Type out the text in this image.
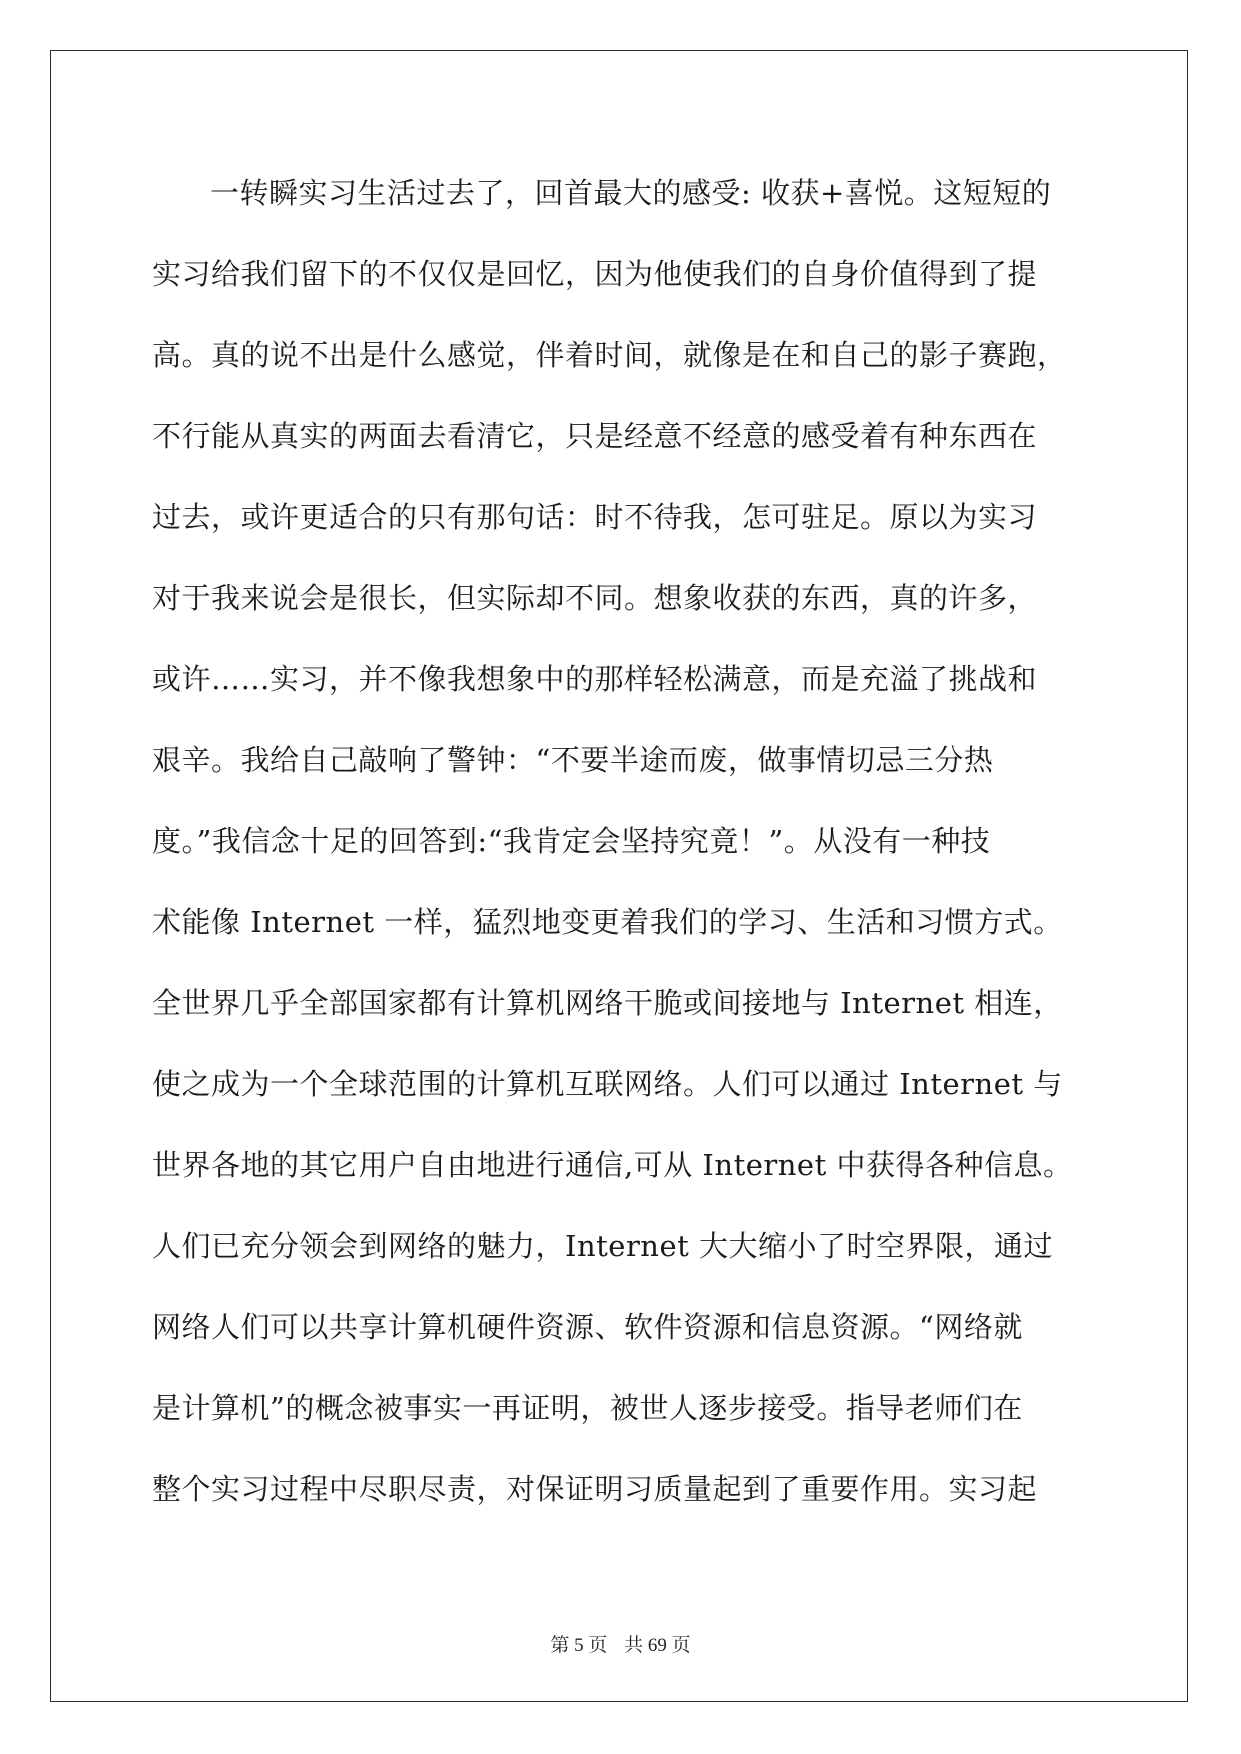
一转瞬实习生活过去了，回首最大的感受: 收获+喜悦。这短短的
实习给我们留下的不仅仅是回忆，因为他使我们的自身价值得到了提
高。真的说不出是什么感觉，伴着时间，就像是在和自己的影子赛跑，
不行能从真实的两面去看清它，只是经意不经意的感受着有种东西在
过去，或许更适合的只有那句话：时不待我，怎可驻足。原以为实习
对于我来说会是很长，但实际却不同。想象收获的东西，真的许多，
或许……实习，并不像我想象中的那样轻松满意，而是充溢了挑战和
艰辛。我给自己敲响了警钟：“不要半途而废，做事情切忌三分热
度。”我信念十足的回答到:“我肯定会坚持究竟！”。从没有一种技
术能像 Internet 一样，猛烈地变更着我们的学习、生活和习惯方式。
全世界几乎全部国家都有计算机网络干脆或间接地与 Internet 相连，
使之成为一个全球范围的计算机互联网络。人们可以通过 Internet 与
世界各地的其它用户自由地进行通信,可从 Internet 中获得各种信息。
人们已充分领会到网络的魅力，Internet 大大缩小了时空界限，通过
网络人们可以共享计算机硬件资源、软件资源和信息资源。“网络就
是计算机”的概念被事实一再证明，被世人逐步接受。指导老师们在
整个实习过程中尽职尽责，对保证明习质量起到了重要作用。实习起
第 5 页 共 69 页
